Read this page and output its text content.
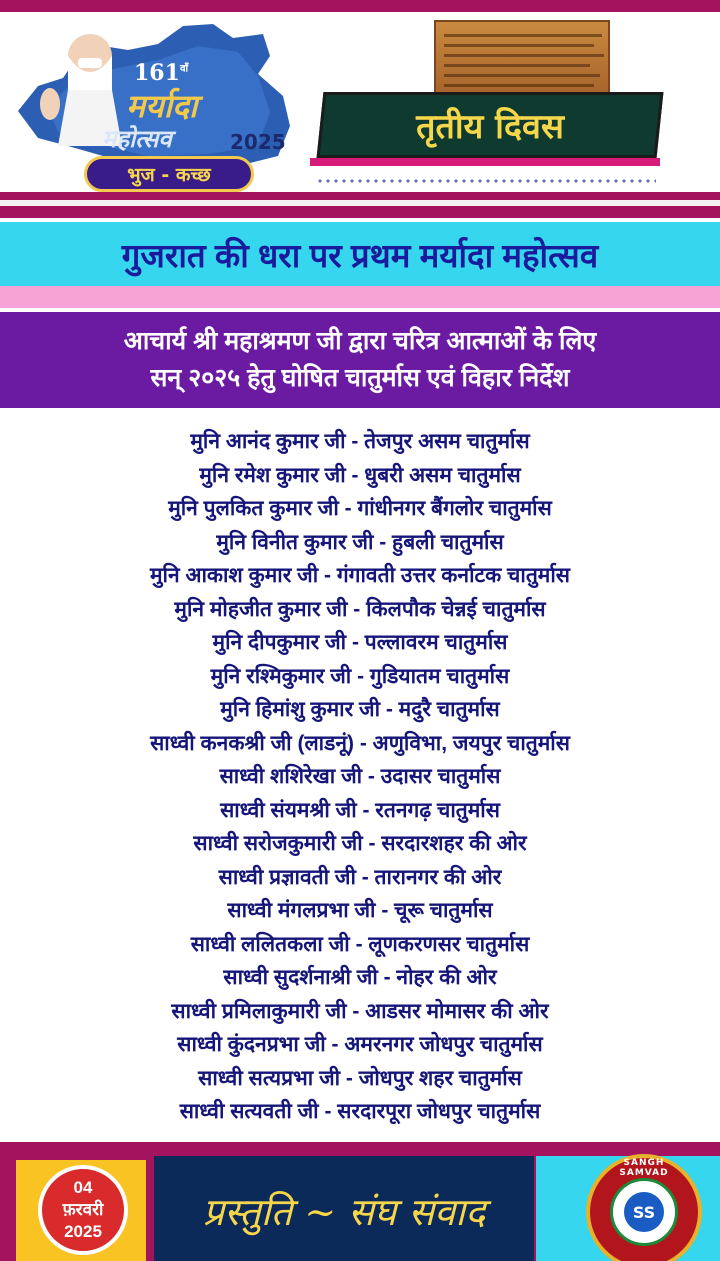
$161^{वाँ}$
मर्यादा
महोत्सव	2025
भुज - कच्छ
तृतीय दिवस
गुजरात की धरा पर प्रथम मर्यादा महोत्सव
आचार्य श्री महाश्रमण जी द्वारा चरित्र आत्माओं के लिए
सन् २०२५ हेतु घोषित चातुर्मास एवं विहार निर्देश
मुनि आनंद कुमार जी - तेजपुर असम चातुर्मास
मुनि रमेश कुमार जी - धुबरी असम चातुर्मास
मुनि पुलकित कुमार जी - गांधीनगर बैंगलोर चातुर्मास
मुनि विनीत कुमार जी - हुबली चातुर्मास
मुनि आकाश कुमार जी - गंगावती उत्तर कर्नाटक चातुर्मास
मुनि मोहजीत कुमार जी - किलपौक चेन्नई चातुर्मास
मुनि दीपकुमार जी - पल्लावरम चातुर्मास
मुनि रश्मिकुमार जी - गुडियातम चातुर्मास
मुनि हिमांशु कुमार जी - मदुरै चातुर्मास
साध्वी कनकश्री जी (लाडनूं) - अणुविभा, जयपुर चातुर्मास
साध्वी शशिरेखा जी - उदासर चातुर्मास
साध्वी संयमश्री जी - रतनगढ़ चातुर्मास
साध्वी सरोजकुमारी जी - सरदारशहर की ओर
साध्वी प्रज्ञावती जी - तारानगर की ओर
साध्वी मंगलप्रभा जी - चूरू चातुर्मास
साध्वी ललितकला जी - लूणकरणसर चातुर्मास
साध्वी सुदर्शनाश्री जी - नोहर की ओर
साध्वी प्रमिलाकुमारी जी - आडसर मोमासर की ओर
साध्वी कुंदनप्रभा जी - अमरनगर जोधपुर चातुर्मास
साध्वी सत्यप्रभा जी - जोधपुर शहर चातुर्मास
साध्वी सत्यवती जी - सरदारपूरा जोधपुर चातुर्मास
04
फ़रवरी
2025	प्रस्तुति ~ संघ संवाद
SANGH SAMVAD
SS
